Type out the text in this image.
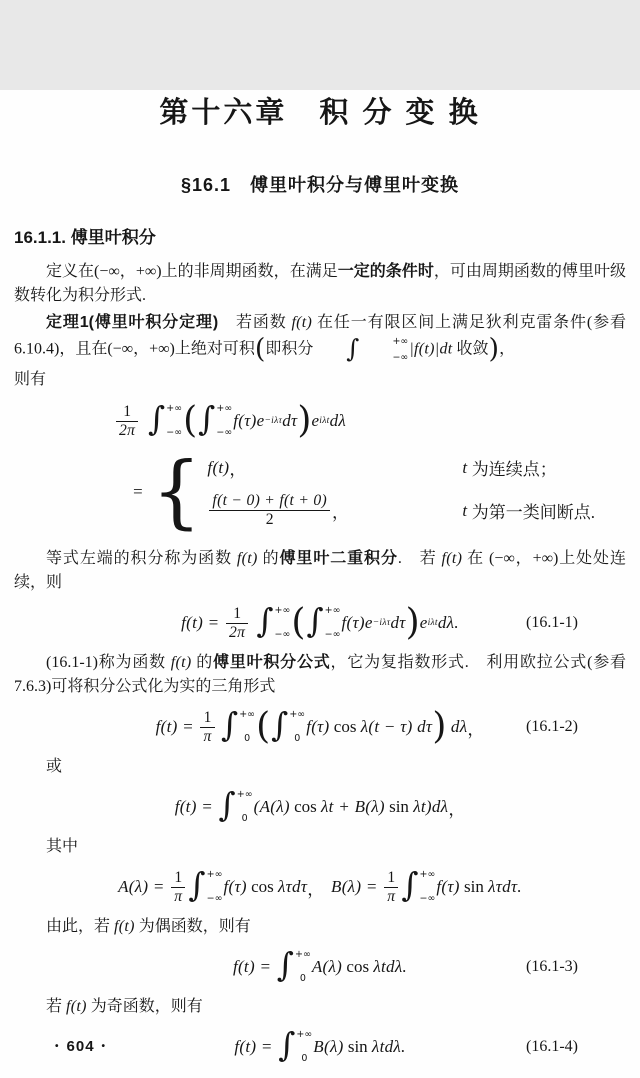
第十六章　积 分 变 换
§16.1　傅里叶积分与傅里叶变换
16.1.1. 傅里叶积分
定义在(−∞，+∞)上的非周期函数，在满足一定的条件时，可由周期函数的傅里叶级数转化为积分形式.
定理1(傅里叶积分定理)　若函数 f(t) 在任一有限区间上满足狄利克雷条件(参看 6.10.4)，且在(−∞，+∞)上绝对可积(即积分	∫	+∞
−∞ |f(t)|dt 收敛)，
则有
$\frac{1}{2\pi}$ ∫ +∞
−∞ ( ∫ +∞
−∞
f(τ)e −iλτ dτ ) e iλt dλ
= { f(t) ，	t 为连续点；
$\frac{f(t - 0) + f(t + 0)}{2}$ ，	t 为第一类间断点.
等式左端的积分称为函数 f(t) 的傅里叶二重积分.　若 f(t) 在 (−∞，+∞)上处处连续，则
$f(t) = \frac{1}{2\pi}$ ∫ +∞
−∞ ( ∫ +∞
−∞
f(τ)e −iλτ dτ ) e iλt dλ.	(16.1-1)
(16.1-1)称为函数 f(t) 的傅里叶积分公式，它为复指数形式.　利用欧拉公式(参看 7.6.3)可将积分公式化为实的三角形式
$f(t) = \frac{1}{\pi}$ ∫ +∞
0 ( ∫ +∞
0
f(τ) cos λ(t − τ) dτ ) dλ ，	(16.1-2)
或
f(t) = ∫ +∞
0
(A(λ) cos λt + B(λ) sin λt)dλ ，
其中
$A(\lambda) = \frac{1}{\pi}$ ∫ +∞
−∞
f(τ) cos λτdτ ， $B(\lambda) = \frac{1}{\pi}$ ∫ +∞
−∞
f(τ) sin λτdτ.
由此，若 f(t) 为偶函数，则有
f(t) = ∫ +∞
0
A(λ) cos λtdλ.	(16.1-3)
若 f(t) 为奇函数，则有
f(t) = ∫ +∞
0
B(λ) sin λtdλ.	(16.1-4)
• 604 •
